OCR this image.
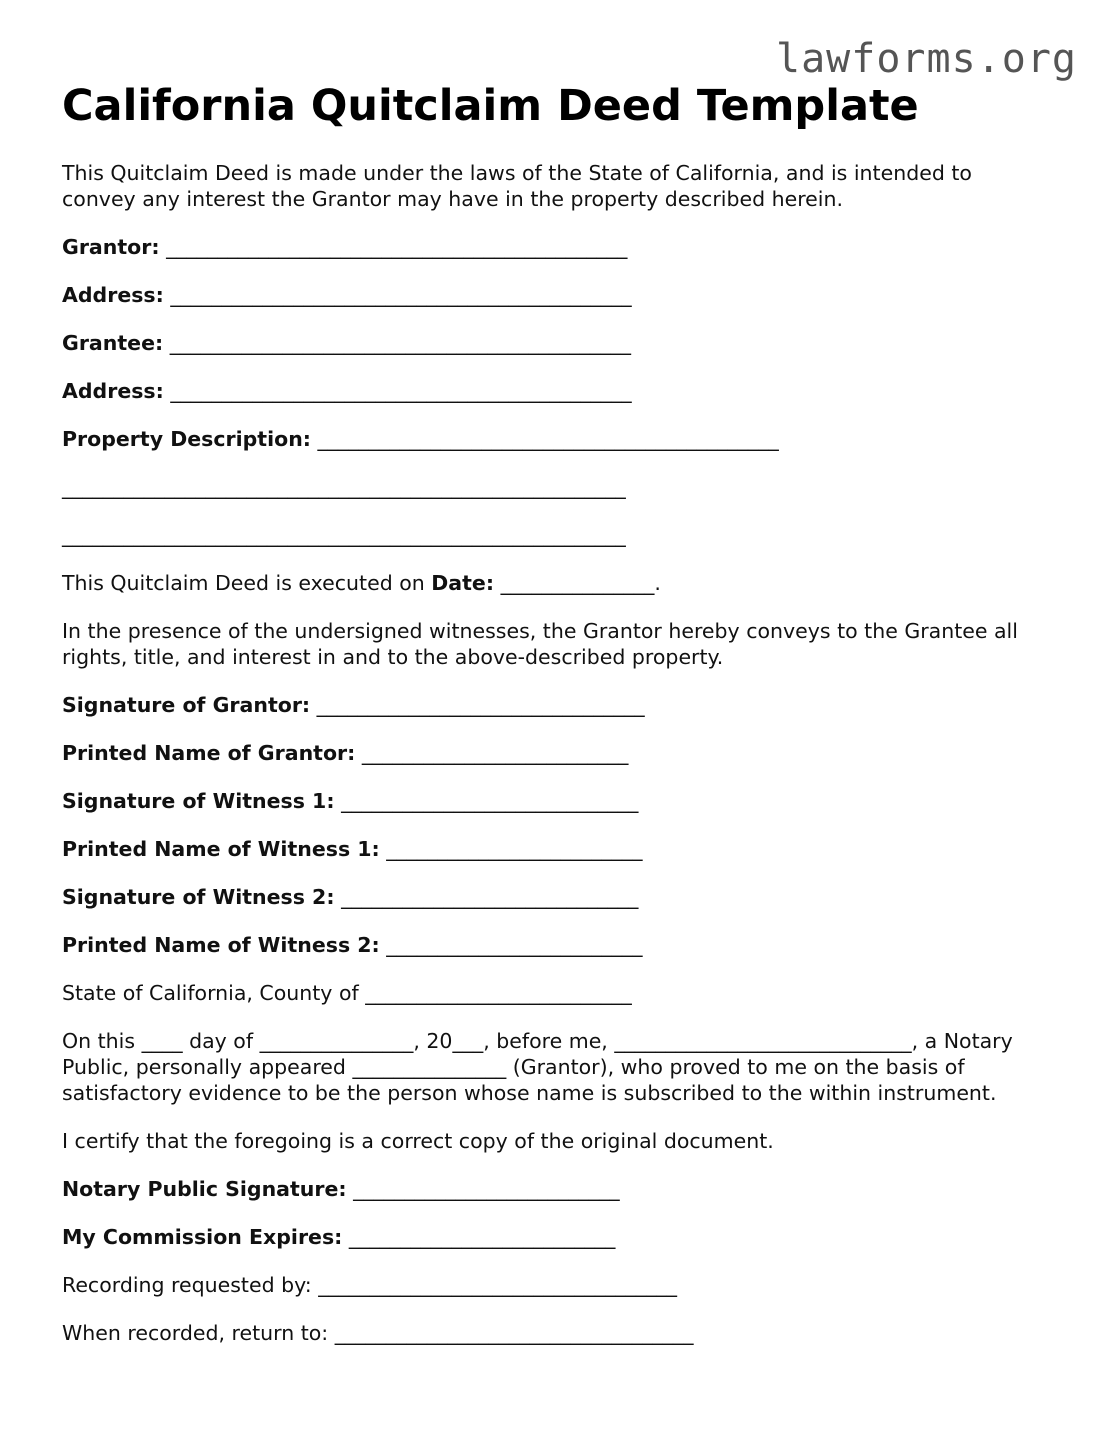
lawforms.org
California Quitclaim Deed Template

This Quitclaim Deed is made under the laws of the State of California, and is intended to convey any interest the Grantor may have in the property described herein.

Grantor: _____________________________________________

Address: _____________________________________________

Grantee: _____________________________________________

Address: _____________________________________________

Property Description: _____________________________________________

_______________________________________________________

_______________________________________________________

This Quitclaim Deed is executed on Date: _______________.

In the presence of the undersigned witnesses, the Grantor hereby conveys to the Grantee all rights, title, and interest in and to the above-described property.

Signature of Grantor: ________________________________

Printed Name of Grantor: __________________________

Signature of Witness 1: _____________________________

Printed Name of Witness 1: _________________________

Signature of Witness 2: _____________________________

Printed Name of Witness 2: _________________________

State of California, County of __________________________

On this ____ day of _______________, 20___, before me, _____________________________, a Notary Public, personally appeared _______________ (Grantor), who proved to me on the basis of satisfactory evidence to be the person whose name is subscribed to the within instrument.

I certify that the foregoing is a correct copy of the original document.

Notary Public Signature: __________________________

My Commission Expires: __________________________

Recording requested by: ___________________________________

When recorded, return to: ___________________________________
